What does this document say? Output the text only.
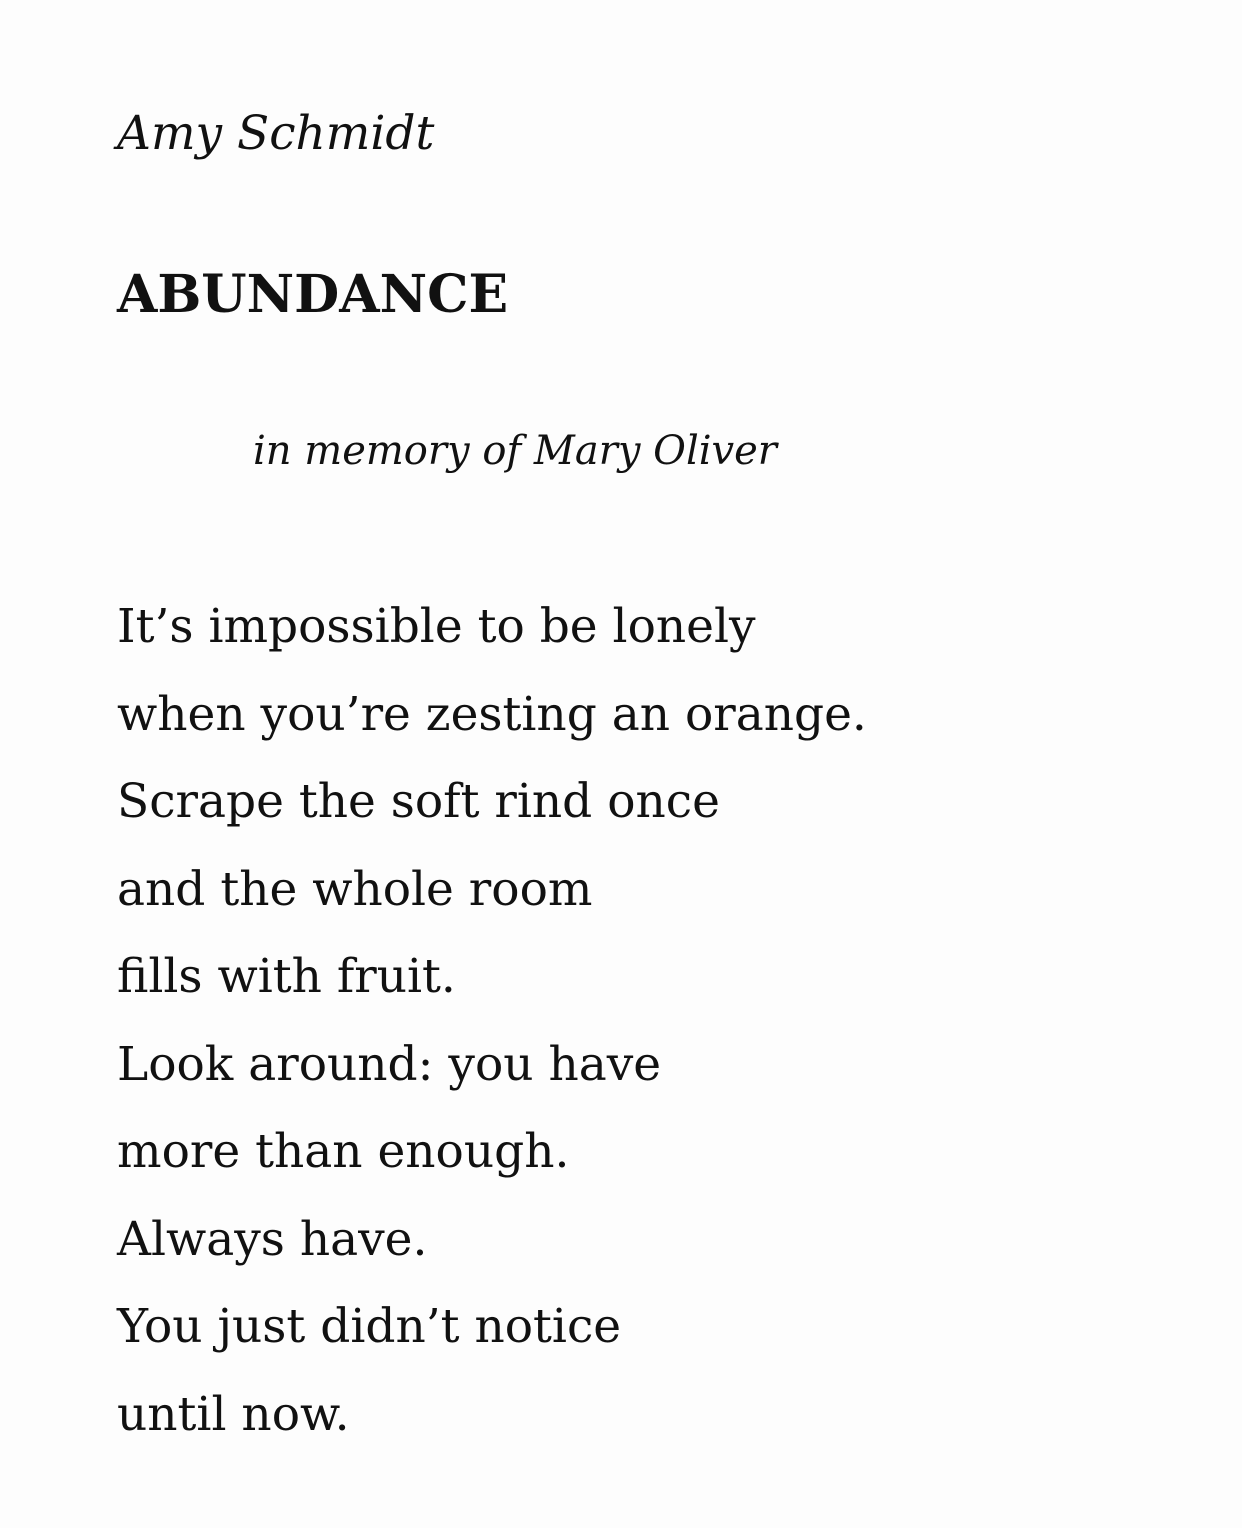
Amy Schmidt
ABUNDANCE
in memory of Mary Oliver
It’s impossible to be lonely
when you’re zesting an orange.
Scrape the soft rind once
and the whole room
fills with fruit.
Look around: you have
more than enough.
Always have.
You just didn’t notice
until now.
